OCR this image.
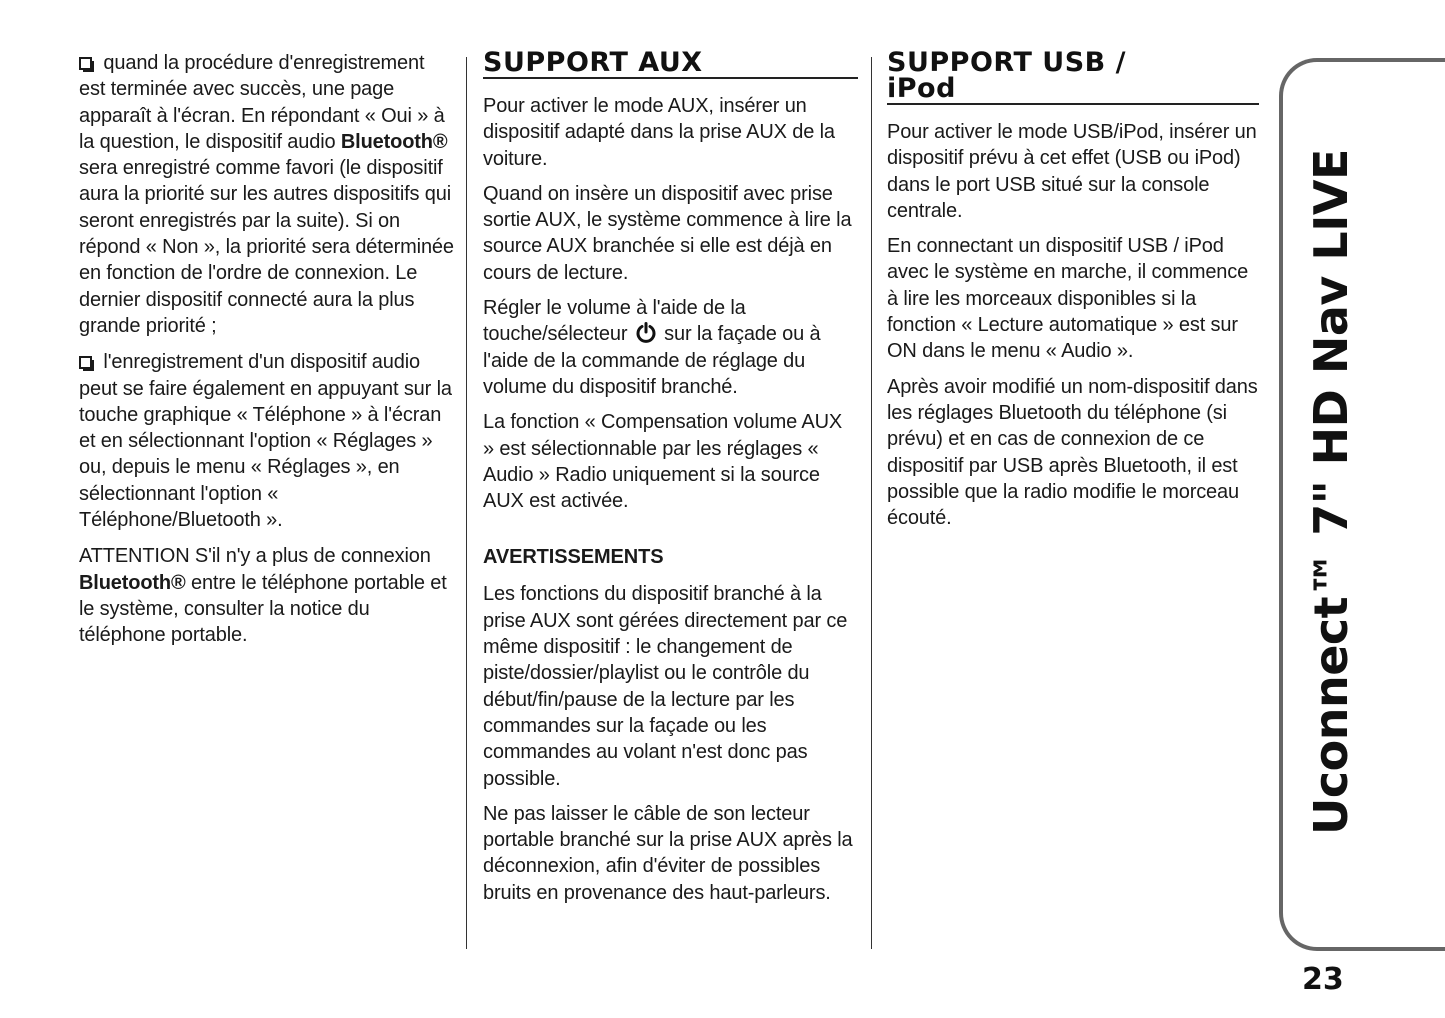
quand la procédure d'enregistrement est terminée avec succès, une page apparaît à l'écran. En répondant « Oui » à la question, le dispositif audio Bluetooth® sera enregistré comme favori (le dispositif aura la priorité sur les autres dispositifs qui seront enregistrés par la suite). Si on répond « Non », la priorité sera déterminée en fonction de l'ordre de connexion. Le dernier dispositif connecté aura la plus grande priorité ;

l'enregistrement d'un dispositif audio peut se faire également en appuyant sur la touche graphique « Téléphone » à l'écran et en sélectionnant l'option « Réglages » ou, depuis le menu « Réglages », en sélectionnant l'option « Téléphone/Bluetooth ».

ATTENTION S'il n'y a plus de connexion Bluetooth® entre le téléphone portable et le système, consulter la notice du téléphone portable.

SUPPORT AUX

Pour activer le mode AUX, insérer un dispositif adapté dans la prise AUX de la voiture.

Quand on insère un dispositif avec prise sortie AUX, le système commence à lire la source AUX branchée si elle est déjà en cours de lecture.

Régler le volume à l'aide de la touche/sélecteur  sur la façade ou à l'aide de la commande de réglage du volume du dispositif branché.

La fonction « Compensation volume AUX » est sélectionnable par les réglages « Audio » Radio uniquement si la source AUX est activée.

AVERTISSEMENTS

Les fonctions du dispositif branché à la prise AUX sont gérées directement par ce même dispositif : le changement de piste/dossier/playlist ou le contrôle du début/fin/pause de la lecture par les commandes sur la façade ou les commandes au volant n'est donc pas possible.

Ne pas laisser le câble de son lecteur portable branché sur la prise AUX après la déconnexion, afin d'éviter de possibles bruits en provenance des haut-parleurs.

SUPPORT USB /
iPod

Pour activer le mode USB/iPod, insérer un dispositif prévu à cet effet (USB ou iPod) dans le port USB situé sur la console centrale.

En connectant un dispositif USB / iPod avec le système en marche, il commence à lire les morceaux disponibles si la fonction « Lecture automatique » est sur ON dans le menu « Audio ».

Après avoir modifié un nom-dispositif dans les réglages Bluetooth du téléphone (si prévu) et en cas de connexion de ce dispositif par USB après Bluetooth, il est possible que la radio modifie le morceau écouté.	Uconnect™ 7" HD Nav LIVE
23
